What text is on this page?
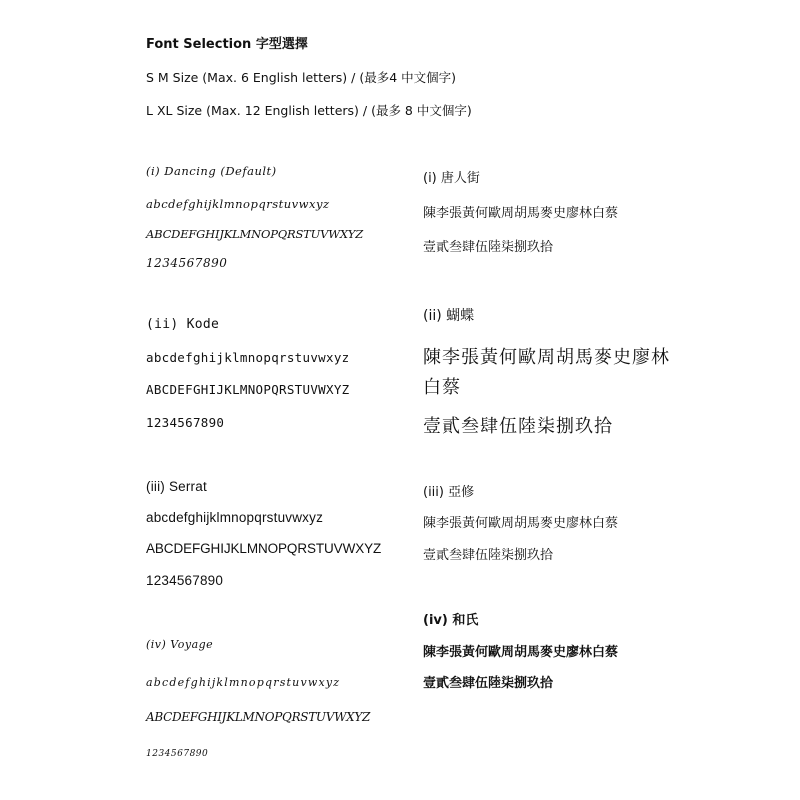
Font Selection 字型選擇
S M Size (Max. 6 English letters) / (最多4 中文個字)
L XL Size (Max. 12 English letters) / (最多 8 中文個字)
(i) Dancing (Default)
abcdefghijklmnopqrstuvwxyz
ABCDEFGHIJKLMNOPQRSTUVWXYZ
1234567890
(ii) Kode
abcdefghijklmnopqrstuvwxyz
ABCDEFGHIJKLMNOPQRSTUVWXYZ
1234567890
(iii) Serrat
abcdefghijklmnopqrstuvwxyz
ABCDEFGHIJKLMNOPQRSTUVWXYZ
1234567890
(iv) Voyage
abcdefghijklmnopqrstuvwxyz
ABCDEFGHIJKLMNOPQRSTUVWXYZ
1234567890
(i) 唐人街
陳李張黃何歐周胡馬麥史廖林白蔡
壹貳叁肆伍陸柒捌玖拾
(ii) 蝴蝶
陳李張黃何歐周胡馬麥史廖林
白蔡
壹貳叁肆伍陸柒捌玖拾
(iii) 亞修
陳李張黃何歐周胡馬麥史廖林白蔡
壹貳叁肆伍陸柒捌玖拾
(iv) 和氏
陳李張黃何歐周胡馬麥史廖林白蔡
壹貳叁肆伍陸柒捌玖拾
